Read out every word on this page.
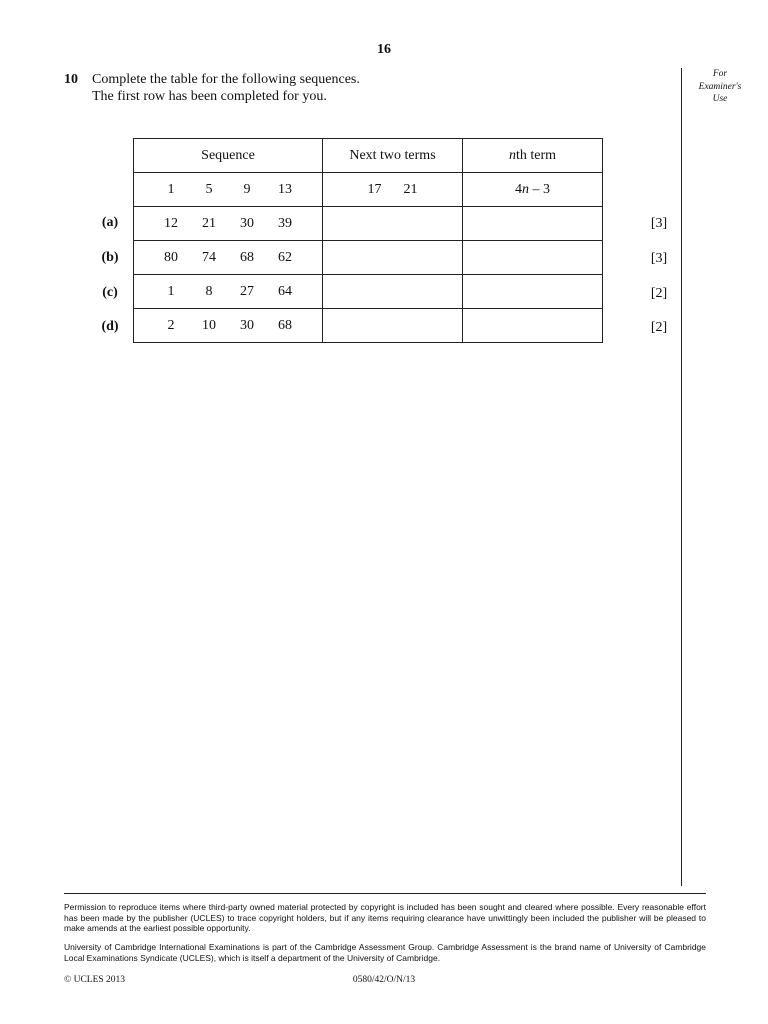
16
10 Complete the table for the following sequences.
The first row has been completed for you.
For
Examiner's
Use
Sequence	Next two terms	nth term

1 5 9 13	17 21	4n – 3

12 21 30 39		

80 74 68 62		

1 8 27 64		

2 10 30 68		

(a)
(b)
(c)
(d)
[3]
[3]
[2]
[2]
Permission to reproduce items where third-party owned material protected by copyright is included has been sought and cleared where possible. Every reasonable effort has been made by the publisher (UCLES) to trace copyright holders, but if any items requiring clearance have unwittingly been included the publisher will be pleased to make amends at the earliest possible opportunity.
University of Cambridge International Examinations is part of the Cambridge Assessment Group. Cambridge Assessment is the brand name of University of Cambridge Local Examinations Syndicate (UCLES), which is itself a department of the University of Cambridge.
© UCLES 2013	0580/42/O/N/13
